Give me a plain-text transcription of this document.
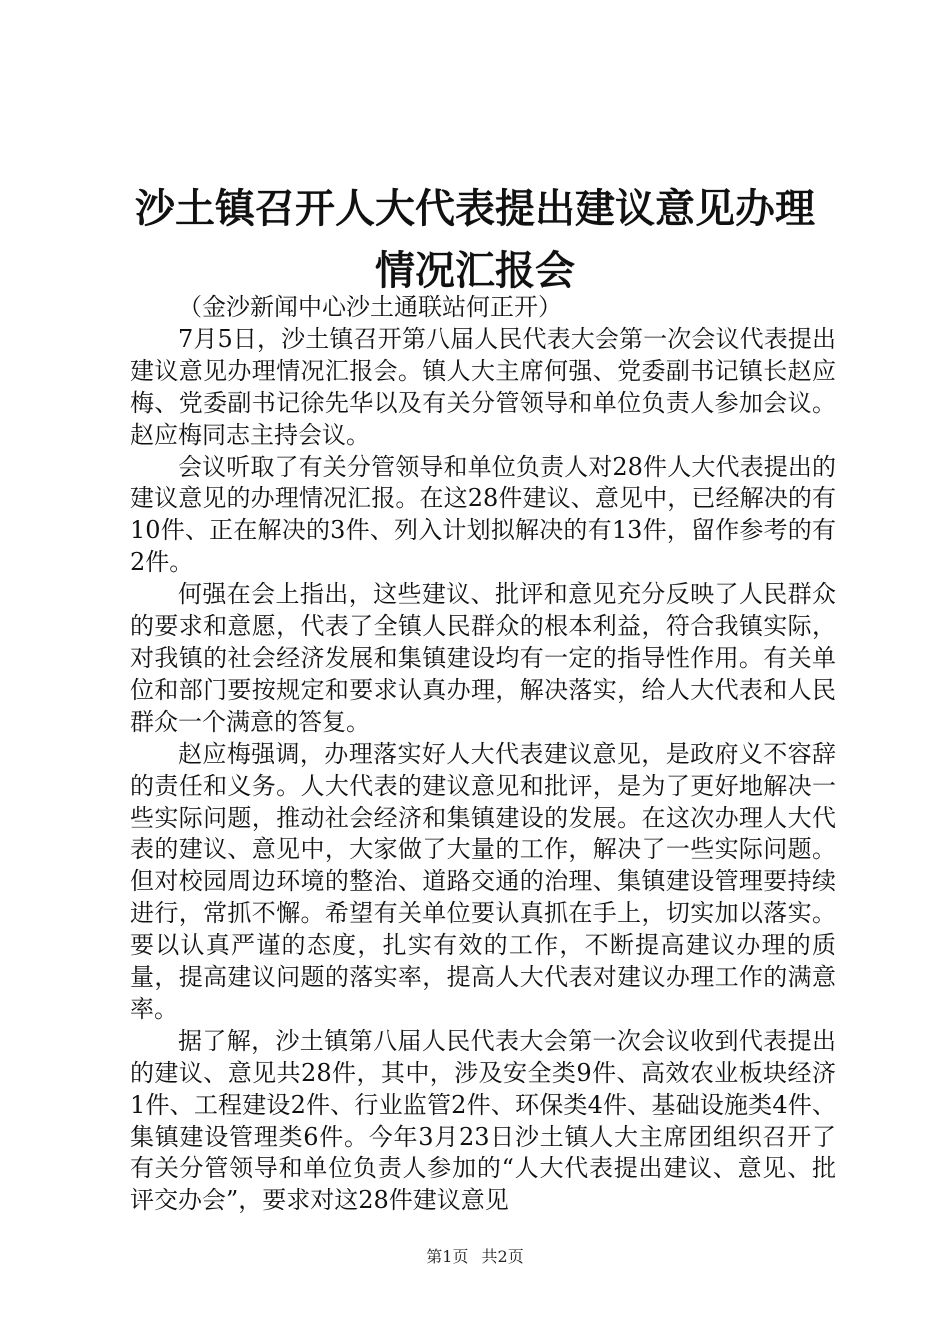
沙土镇召开人大代表提出建议意见办理情况汇报会

（金沙新闻中心沙土通联站何正开）

7月5日，沙土镇召开第八届人民代表大会第一次会议代表提出建议意见办理情况汇报会。镇人大主席何强、党委副书记镇长赵应梅、党委副书记徐先华以及有关分管领导和单位负责人参加会议。赵应梅同志主持会议。

会议听取了有关分管领导和单位负责人对28件人大代表提出的建议意见的办理情况汇报。在这28件建议、意见中，已经解决的有10件、正在解决的3件、列入计划拟解决的有13件，留作参考的有2件。

何强在会上指出，这些建议、批评和意见充分反映了人民群众的要求和意愿，代表了全镇人民群众的根本利益，符合我镇实际，对我镇的社会经济发展和集镇建设均有一定的指导性作用。有关单位和部门要按规定和要求认真办理，解决落实，给人大代表和人民群众一个满意的答复。

赵应梅强调，办理落实好人大代表建议意见，是政府义不容辞的责任和义务。人大代表的建议意见和批评，是为了更好地解决一些实际问题，推动社会经济和集镇建设的发展。在这次办理人大代表的建议、意见中，大家做了大量的工作，解决了一些实际问题。但对校园周边环境的整治、道路交通的治理、集镇建设管理要持续进行，常抓不懈。希望有关单位要认真抓在手上，切实加以落实。要以认真严谨的态度，扎实有效的工作，不断提高建议办理的质量，提高建议问题的落实率，提高人大代表对建议办理工作的满意率。

据了解，沙土镇第八届人民代表大会第一次会议收到代表提出的建议、意见共28件，其中，涉及安全类9件、高效农业板块经济1件、工程建设2件、行业监管2件、环保类4件、基础设施类4件、集镇建设管理类6件。今年3月23日沙土镇人大主席团组织召开了有关分管领导和单位负责人参加的“人大代表提出建议、意见、批评交办会”，要求对这28件建议意见

第1页 共2页
